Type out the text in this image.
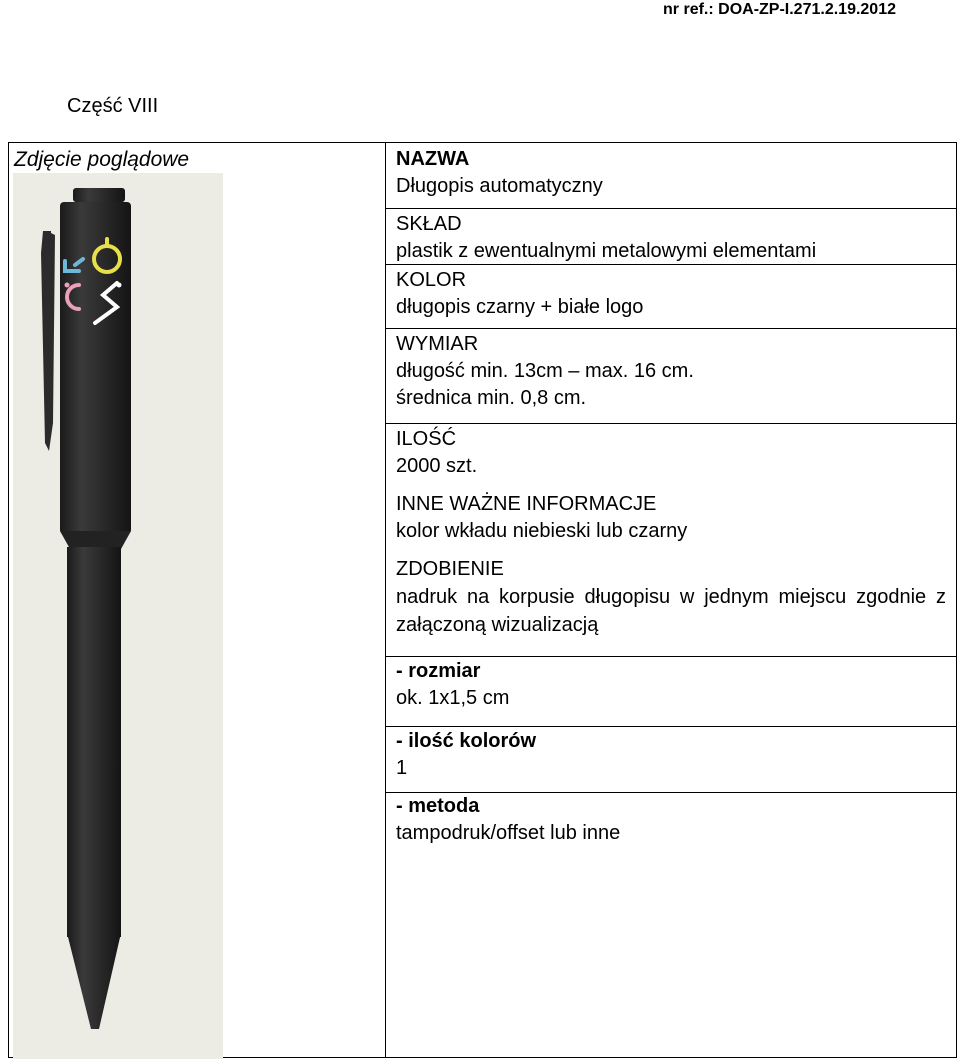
nr ref.: DOA-ZP-I.271.2.19.2012
Część VIII
Zdjęcie poglądowe	NAZWA
Długopis automatyczny
SKŁAD
plastik z ewentualnymi metalowymi elementami
KOLOR
długopis czarny + białe logo
WYMIAR
długość min. 13cm – max. 16 cm.
średnica min. 0,8 cm.
ILOŚĆ
2000 szt.
INNE WAŻNE INFORMACJE
kolor wkładu niebieski lub czarny
ZDOBIENIE
nadruk na korpusie długopisu w jednym miejscu zgodnie z załączoną wizualizacją
- rozmiar
ok. 1x1,5 cm
- ilość kolorów
1
- metoda
tampodruk/offset lub inne
